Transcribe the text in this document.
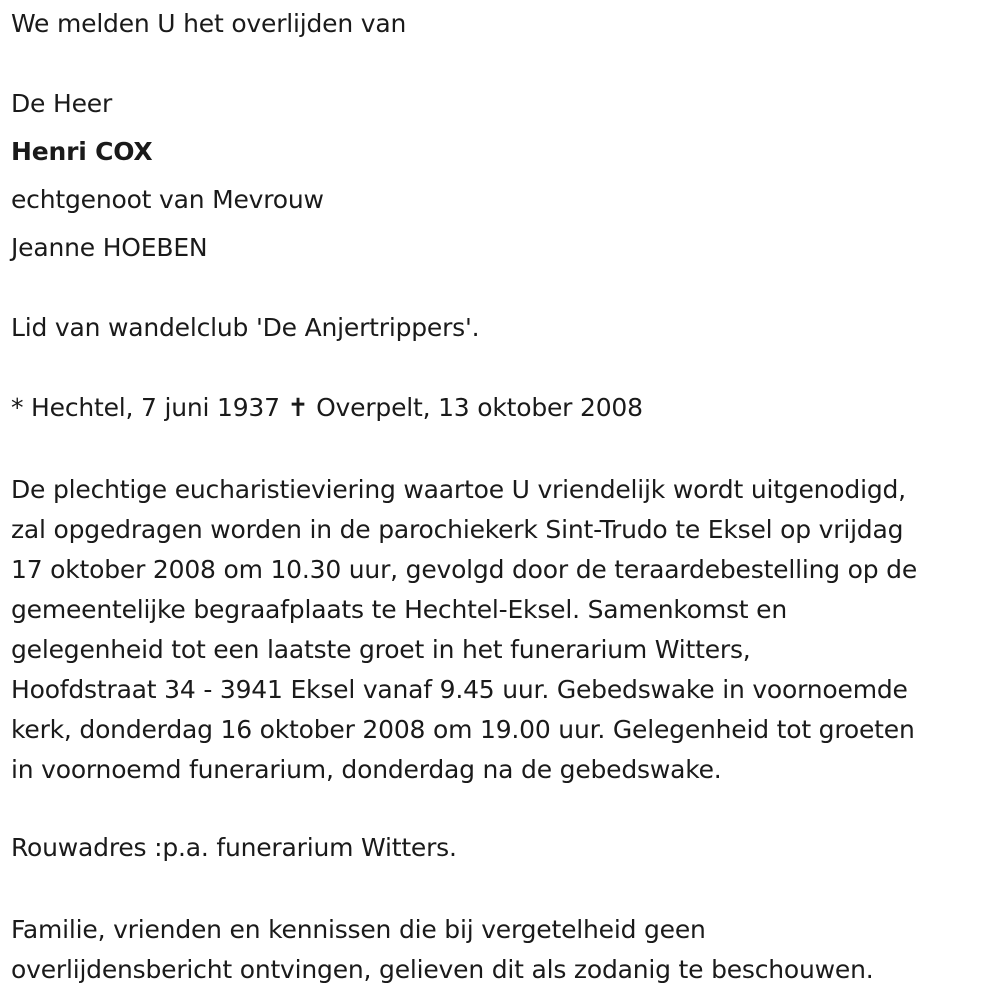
We melden U het overlijden van
De Heer
Henri COX
echtgenoot van Mevrouw
Jeanne HOEBEN
Lid van wandelclub 'De Anjertrippers'.
* Hechtel, 7 juni 1937 ✝ Overpelt, 13 oktober 2008
De plechtige eucharistieviering waartoe U vriendelijk wordt uitgenodigd,
zal opgedragen worden in de parochiekerk Sint-Trudo te Eksel op vrijdag
17 oktober 2008 om 10.30 uur, gevolgd door de teraardebestelling op de
gemeentelijke begraafplaats te Hechtel-Eksel. Samenkomst en
gelegenheid tot een laatste groet in het funerarium Witters,
Hoofdstraat 34 - 3941 Eksel vanaf 9.45 uur. Gebedswake in voornoemde
kerk, donderdag 16 oktober 2008 om 19.00 uur. Gelegenheid tot groeten
in voornoemd funerarium, donderdag na de gebedswake.
Rouwadres :p.a. funerarium Witters.
Familie, vrienden en kennissen die bij vergetelheid geen
overlijdensbericht ontvingen, gelieven dit als zodanig te beschouwen.
